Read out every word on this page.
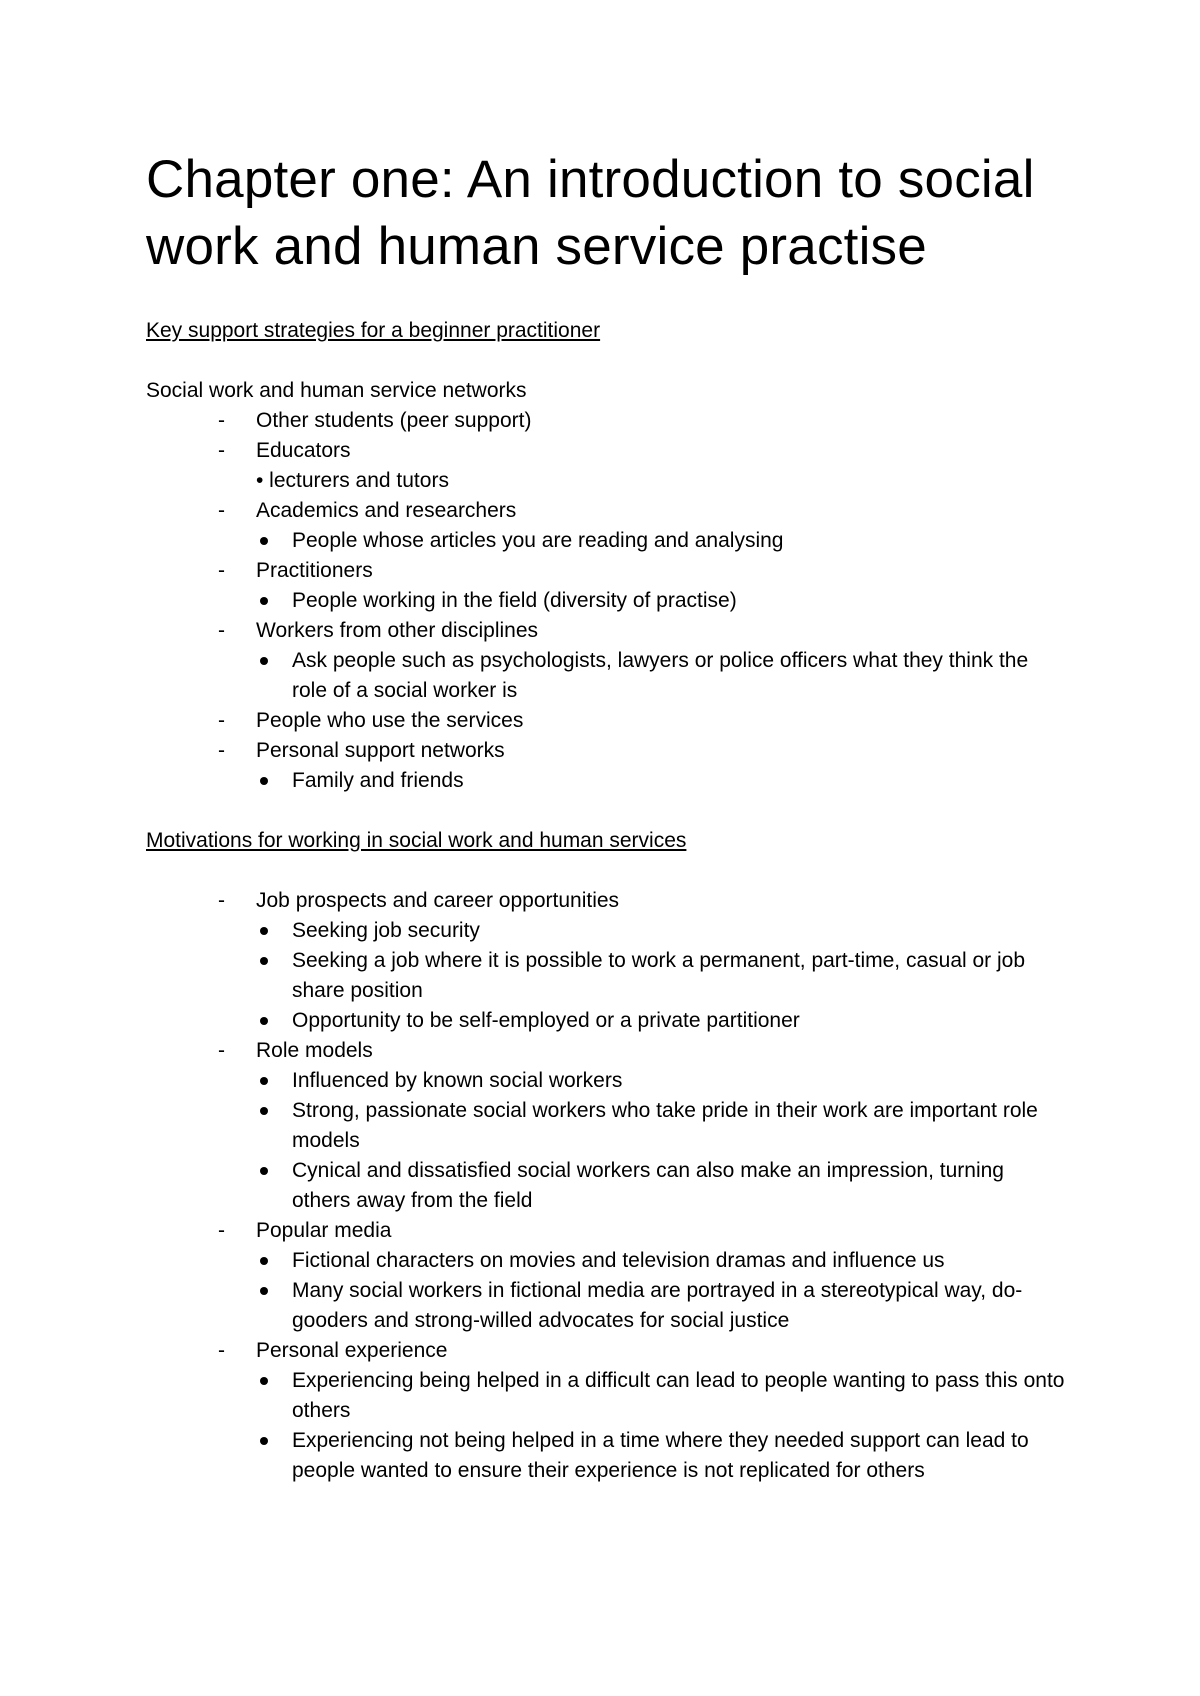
Chapter one: An introduction to social work and human service practise

Key support strategies for a beginner practitioner

Social work and human service networks

- Other students (peer support)
- Educators
• lecturers and tutors
- Academics and researchers
People whose articles you are reading and analysing
- Practitioners
People working in the field (diversity of practise)
- Workers from other disciplines
Ask people such as psychologists, lawyers or police officers what they think the role of a social worker is
- People who use the services
- Personal support networks
Family and friends

Motivations for working in social work and human services

- Job prospects and career opportunities
Seeking job security
Seeking a job where it is possible to work a permanent, part-time, casual or job share position
Opportunity to be self-employed or a private partitioner
- Role models
Influenced by known social workers
Strong, passionate social workers who take pride in their work are important role models
Cynical and dissatisfied social workers can also make an impression, turning others away from the field
- Popular media
Fictional characters on movies and television dramas and influence us
Many social workers in fictional media are portrayed in a stereotypical way, do-gooders and strong-willed advocates for social justice
- Personal experience
Experiencing being helped in a difficult can lead to people wanting to pass this onto others
Experiencing not being helped in a time where they needed support can lead to people wanted to ensure their experience is not replicated for others
